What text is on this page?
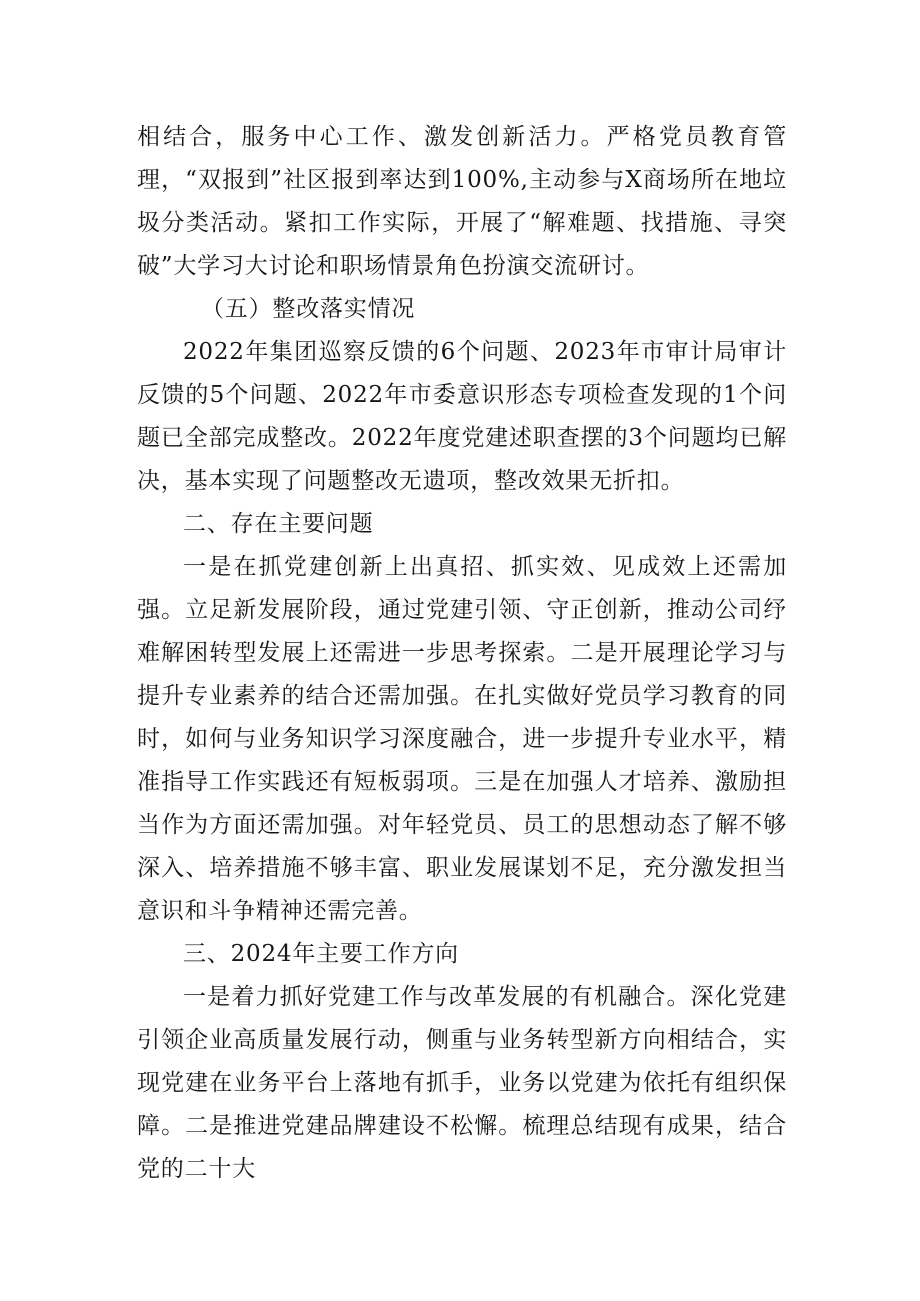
相结合，服务中心工作、激发创新活力。严格党员教育管理，“双报到”社区报到率达到100%,主动参与X商场所在地垃圾分类活动。紧扣工作实际，开展了“解难题、找措施、寻突破”大学习大讨论和职场情景角色扮演交流研讨。

（五）整改落实情况

2022年集团巡察反馈的6个问题、2023年市审计局审计反馈的5个问题、2022年市委意识形态专项检查发现的1个问题已全部完成整改。2022年度党建述职查摆的3个问题均已解决，基本实现了问题整改无遗项，整改效果无折扣。

二、存在主要问题

一是在抓党建创新上出真招、抓实效、见成效上还需加强。立足新发展阶段，通过党建引领、守正创新，推动公司纾难解困转型发展上还需进一步思考探索。二是开展理论学习与提升专业素养的结合还需加强。在扎实做好党员学习教育的同时，如何与业务知识学习深度融合，进一步提升专业水平，精准指导工作实践还有短板弱项。三是在加强人才培养、激励担当作为方面还需加强。对年轻党员、员工的思想动态了解不够深入、培养措施不够丰富、职业发展谋划不足，充分激发担当意识和斗争精神还需完善。

三、2024年主要工作方向

一是着力抓好党建工作与改革发展的有机融合。深化党建引领企业高质量发展行动，侧重与业务转型新方向相结合，实现党建在业务平台上落地有抓手，业务以党建为依托有组织保障。二是推进党建品牌建设不松懈。梳理总结现有成果，结合党的二十大
